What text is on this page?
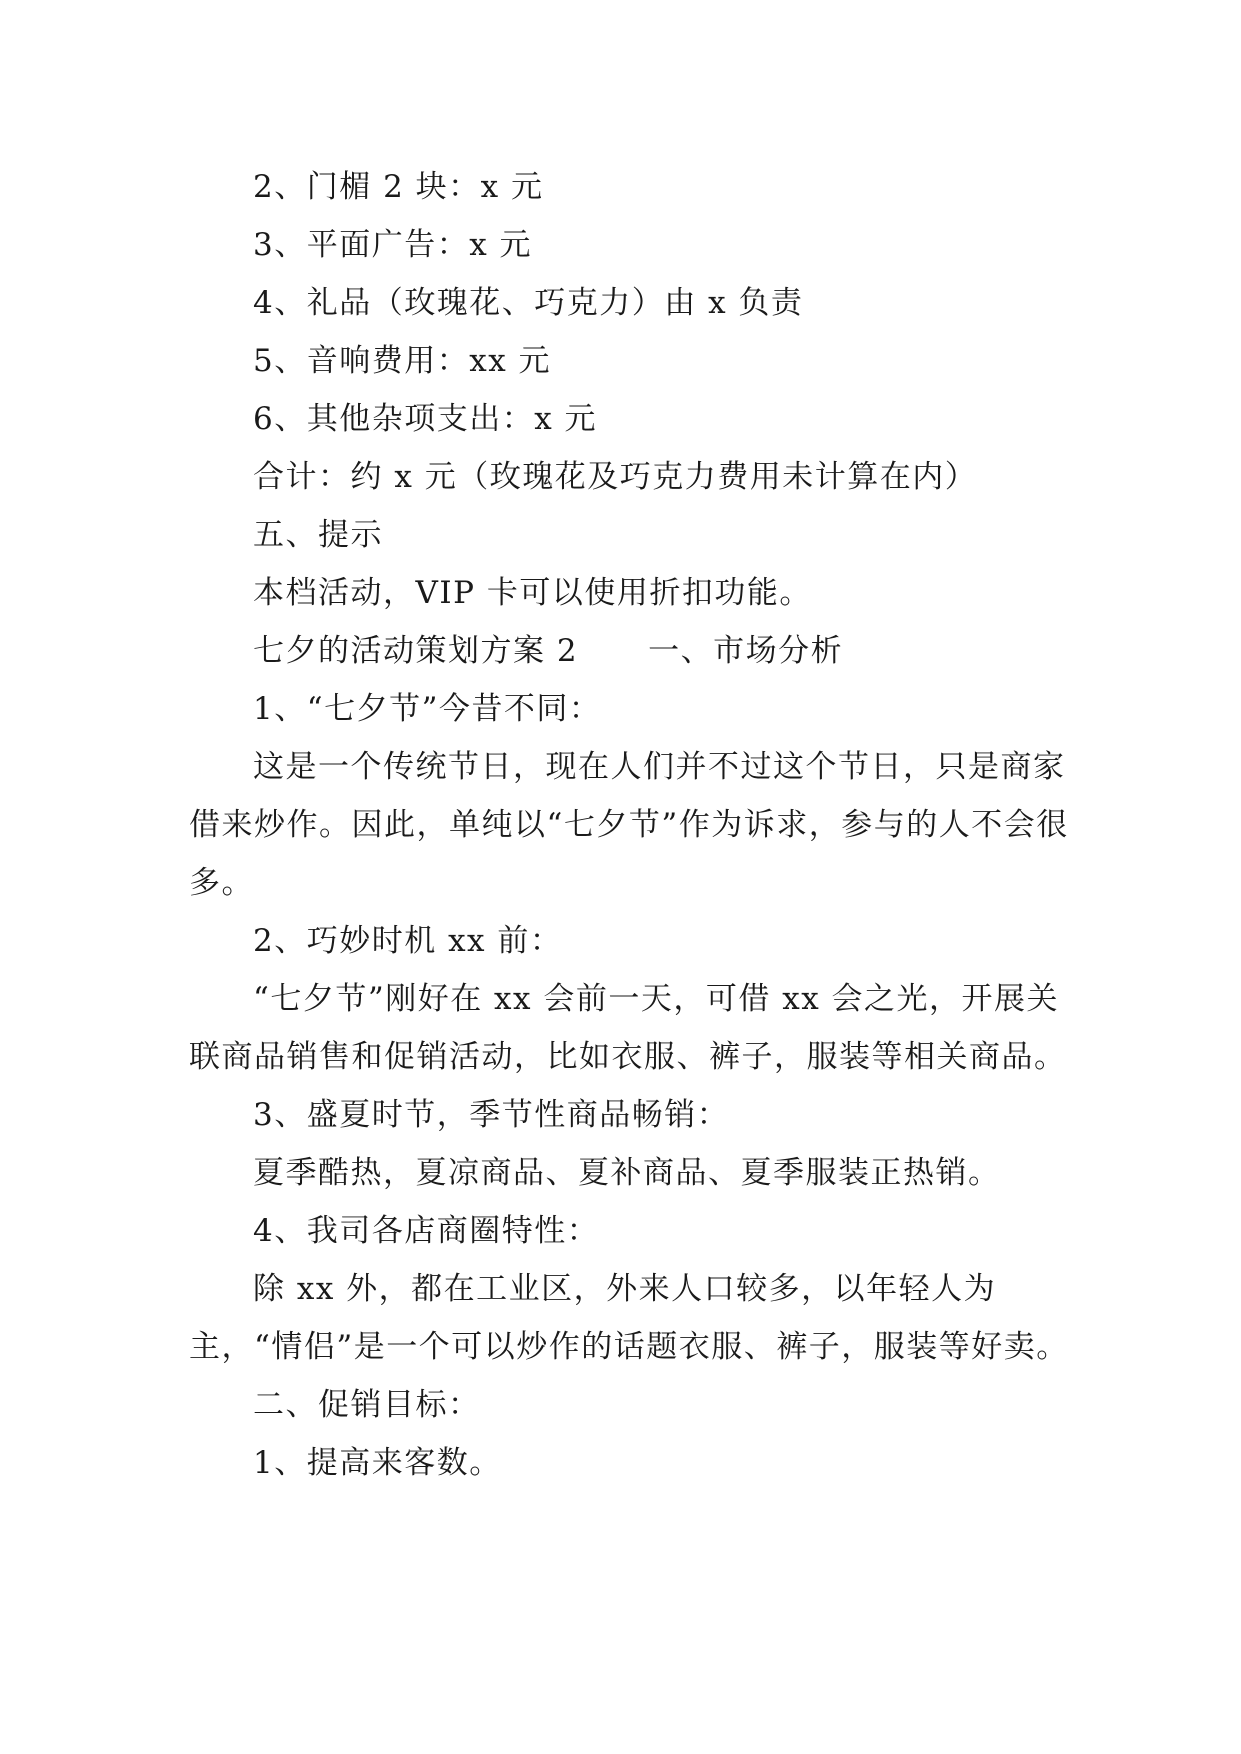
2、门楣 2 块：x 元

3、平面广告：x 元

4、礼品（玫瑰花、巧克力）由 x 负责

5、音响费用：xx 元

6、其他杂项支出：x 元

合计：约 x 元（玫瑰花及巧克力费用未计算在内）

五、提示

本档活动，VIP 卡可以使用折扣功能。

七夕的活动策划方案 2 一、市场分析

1、“七夕节”今昔不同：

这是一个传统节日，现在人们并不过这个节日，只是商家借来炒作。因此，单纯以“七夕节”作为诉求，参与的人不会很多。

2、巧妙时机 xx 前：

“七夕节”刚好在 xx 会前一天，可借 xx 会之光，开展关联商品销售和促销活动，比如衣服、裤子，服装等相关商品。

3、盛夏时节，季节性商品畅销：

夏季酷热，夏凉商品、夏补商品、夏季服装正热销。

4、我司各店商圈特性：

除 xx 外，都在工业区，外来人口较多，以年轻人为主，“情侣”是一个可以炒作的话题衣服、裤子，服装等好卖。

二、促销目标：

1、提高来客数。
